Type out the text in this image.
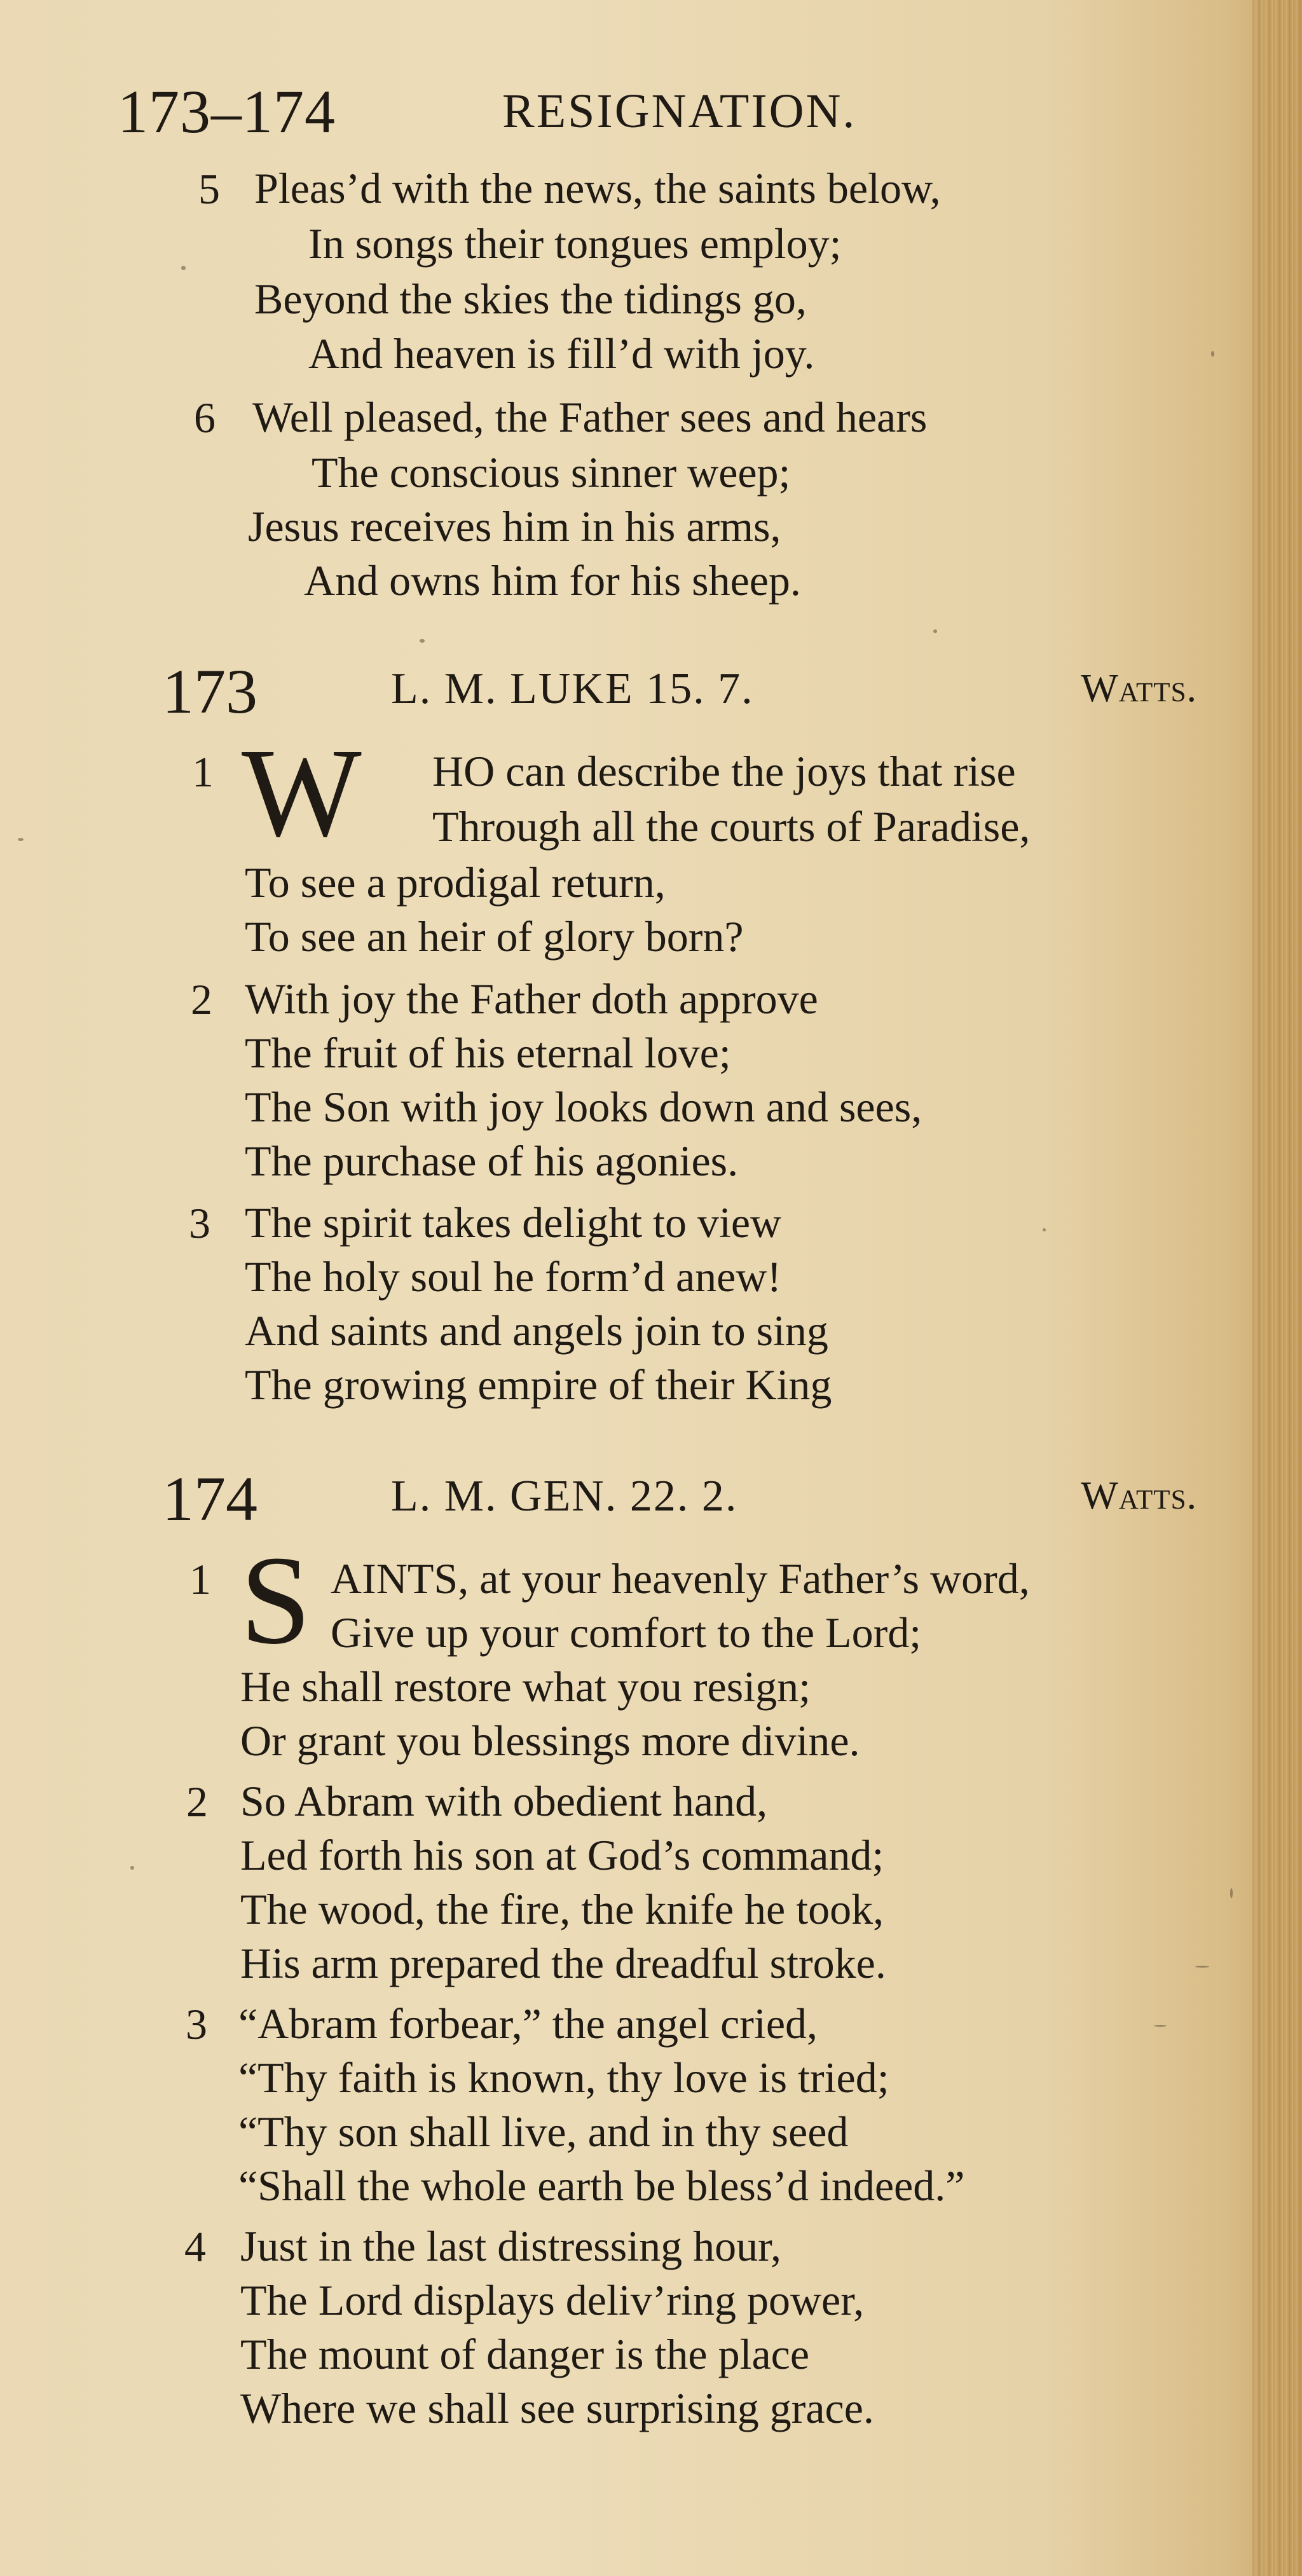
173–174	RESIGNATION.
5 Pleas’d with the news, the saints below,
In songs their tongues employ;
Beyond the skies the tidings go,
And heaven is fill’d with joy.
6 Well pleased, the Father sees and hears
The conscious sinner weep;
Jesus receives him in his arms,
And owns him for his sheep.
173	L. M. LUKE 15. 7.	Watts.
1 W HO can describe the joys that rise
Through all the courts of Paradise,
To see a prodigal return,
To see an heir of glory born?
2 With joy the Father doth approve
The fruit of his eternal love;
The Son with joy looks down and sees,
The purchase of his agonies.
3 The spirit takes delight to view
The holy soul he form’d anew!
And saints and angels join to sing
The growing empire of their King
174	L. M. GEN. 22. 2.	Watts.
1 S AINTS, at your heavenly Father’s word,
Give up your comfort to the Lord;
He shall restore what you resign;
Or grant you blessings more divine.
2 So Abram with obedient hand,
Led forth his son at God’s command;
The wood, the fire, the knife he took,
His arm prepared the dreadful stroke.
3 “Abram forbear,” the angel cried,
“Thy faith is known, thy love is tried;
“Thy son shall live, and in thy seed
“Shall the whole earth be bless’d indeed.”
4 Just in the last distressing hour,
The Lord displays deliv’ring power,
The mount of danger is the place
Where we shall see surprising grace.
